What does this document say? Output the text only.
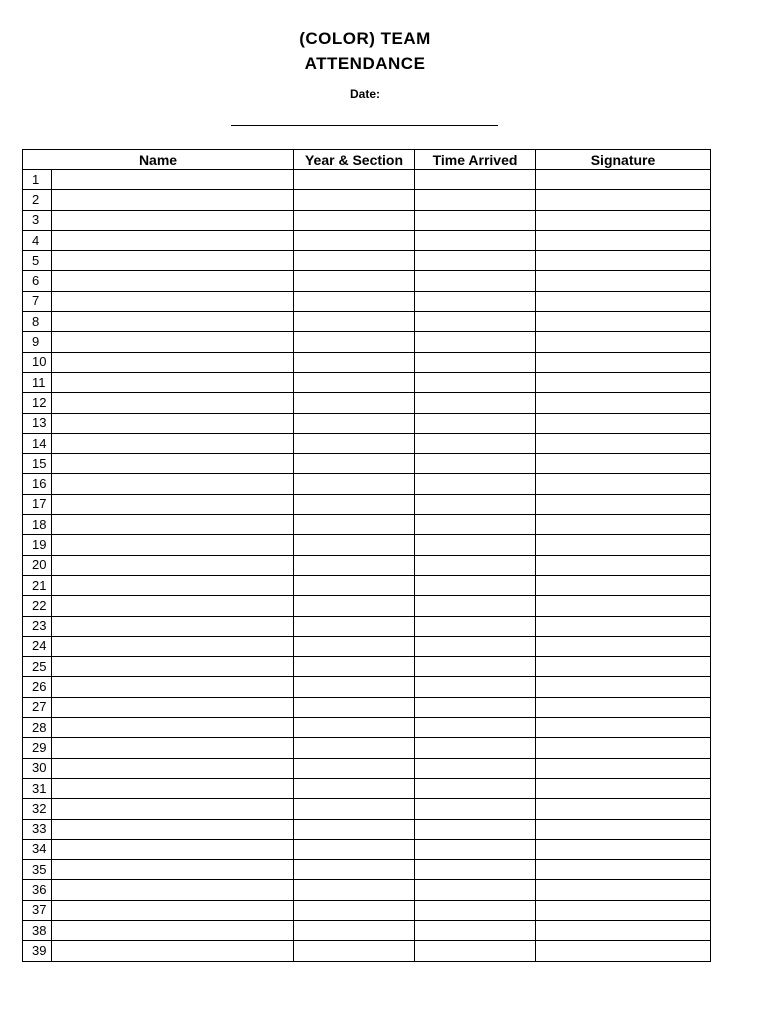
(COLOR) TEAM
ATTENDANCE
Date:
Name		Year & Section	Time Arrived	Signature
1				
2				
3				
4				
5				
6				
7				
8				
9				
10				
11				
12				
13				
14				
15				
16				
17				
18				
19				
20				
21				
22				
23				
24				
25				
26				
27				
28				
29				
30				
31				
32				
33				
34				
35				
36				
37				
38				
39				
